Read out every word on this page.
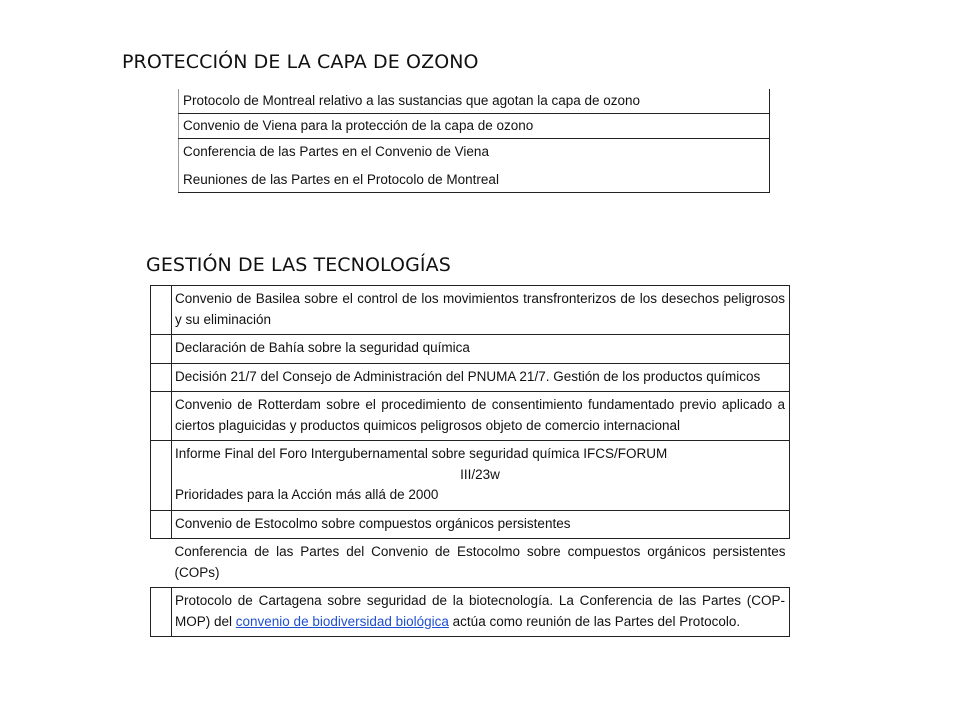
PROTECCIÓN DE LA CAPA DE OZONO
Protocolo de Montreal relativo a las sustancias que agotan la capa de ozono
Convenio de Viena para la protección de la capa de ozono

Conferencia de las Partes en el Convenio de Viena
Reuniones de las Partes en el Protocolo de Montreal
GESTIÓN DE LAS TECNOLOGÍAS
	Convenio de Basilea sobre el control de los movimientos transfronterizos de los desechos peligrosos y su eliminación
	Declaración de Bahía sobre la seguridad química
	Decisión 21/7 del Consejo de Administración del PNUMA 21/7. Gestión de los productos químicos
	Convenio de Rotterdam sobre el procedimiento de consentimiento fundamentado previo aplicado a ciertos plaguicidas y productos quimicos peligrosos objeto de comercio internacional
	Informe Final del Foro Intergubernamental sobre seguridad química IFCS/FORUM
III/23w
Prioridades para la Acción más allá de 2000
	Convenio de Estocolmo sobre compuestos orgánicos persistentes
	Conferencia de las Partes del Convenio de Estocolmo sobre compuestos orgánicos persistentes (COPs)
	Protocolo de Cartagena sobre seguridad de la biotecnología. La Conferencia de las Partes (COP-MOP) del convenio de biodiversidad biológica actúa como reunión de las Partes del Protocolo.
